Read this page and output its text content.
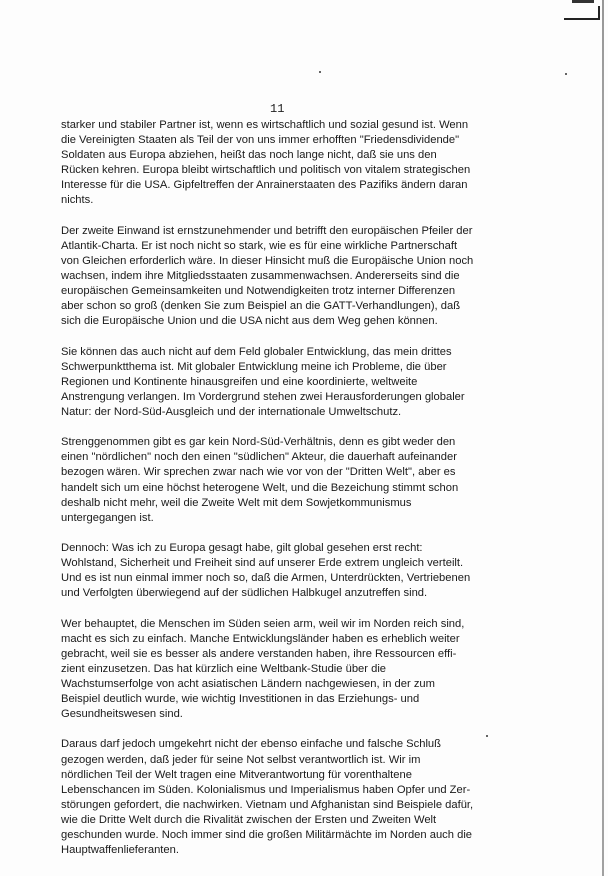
11

starker und stabiler Partner ist, wenn es wirtschaftlich und sozial gesund ist. Wenn
die Vereinigten Staaten als Teil der von uns immer erhofften "Friedensdividende"
Soldaten aus Europa abziehen, heißt das noch lange nicht, daß sie uns den
Rücken kehren. Europa bleibt wirtschaftlich und politisch von vitalem strategischen
Interesse für die USA. Gipfeltreffen der Anrainerstaaten des Pazifiks ändern daran
nichts.

Der zweite Einwand ist ernstzunehmender und betrifft den europäischen Pfeiler der
Atlantik-Charta. Er ist noch nicht so stark, wie es für eine wirkliche Partnerschaft
von Gleichen erforderlich wäre. In dieser Hinsicht muß die Europäische Union noch
wachsen, indem ihre Mitgliedsstaaten zusammenwachsen. Andererseits sind die
europäischen Gemeinsamkeiten und Notwendigkeiten trotz interner Differenzen
aber schon so groß (denken Sie zum Beispiel an die GATT-Verhandlungen), daß
sich die Europäische Union und die USA nicht aus dem Weg gehen können.

Sie können das auch nicht auf dem Feld globaler Entwicklung, das mein drittes
Schwerpunktthema ist. Mit globaler Entwicklung meine ich Probleme, die über
Regionen und Kontinente hinausgreifen und eine koordinierte, weltweite
Anstrengung verlangen. Im Vordergrund stehen zwei Herausforderungen globaler
Natur: der Nord-Süd-Ausgleich und der internationale Umweltschutz.

Strenggenommen gibt es gar kein Nord-Süd-Verhältnis, denn es gibt weder den
einen "nördlichen" noch den einen "südlichen" Akteur, die dauerhaft aufeinander
bezogen wären. Wir sprechen zwar nach wie vor von der "Dritten Welt", aber es
handelt sich um eine höchst heterogene Welt, und die Bezeichung stimmt schon
deshalb nicht mehr, weil die Zweite Welt mit dem Sowjetkommunismus
untergegangen ist.

Dennoch: Was ich zu Europa gesagt habe, gilt global gesehen erst recht:
Wohlstand, Sicherheit und Freiheit sind auf unserer Erde extrem ungleich verteilt.
Und es ist nun einmal immer noch so, daß die Armen, Unterdrückten, Vertriebenen
und Verfolgten überwiegend auf der südlichen Halbkugel anzutreffen sind.

Wer behauptet, die Menschen im Süden seien arm, weil wir im Norden reich sind,
macht es sich zu einfach. Manche Entwicklungsländer haben es erheblich weiter
gebracht, weil sie es besser als andere verstanden haben, ihre Ressourcen effi-
zient einzusetzen. Das hat kürzlich eine Weltbank-Studie über die
Wachstumserfolge von acht asiatischen Ländern nachgewiesen, in der zum
Beispiel deutlich wurde, wie wichtig Investitionen in das Erziehungs- und
Gesundheitswesen sind.

Daraus darf jedoch umgekehrt nicht der ebenso einfache und falsche Schluß
gezogen werden, daß jeder für seine Not selbst verantwortlich ist. Wir im
nördlichen Teil der Welt tragen eine Mitverantwortung für vorenthaltene
Lebenschancen im Süden. Kolonialismus und Imperialismus haben Opfer und Zer-
störungen gefordert, die nachwirken. Vietnam und Afghanistan sind Beispiele dafür,
wie die Dritte Welt durch die Rivalität zwischen der Ersten und Zweiten Welt
geschunden wurde. Noch immer sind die großen Militärmächte im Norden auch die
Hauptwaffenlieferanten.
